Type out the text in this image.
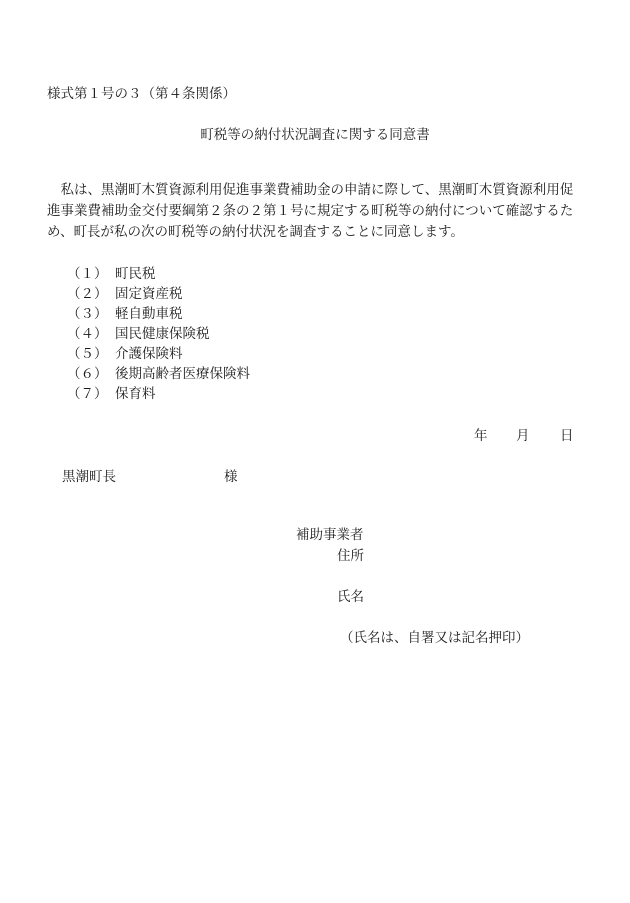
様式第１号の３（第４条関係）
町税等の納付状況調査に関する同意書
　私は、黒潮町木質資源利用促進事業費補助金の申請に際して、黒潮町木質資源利用促
進事業費補助金交付要綱第２条の２第１号に規定する町税等の納付について確認するた
め、町長が私の次の町税等の納付状況を調査することに同意します。
（１） 町民税
（２） 固定資産税
（３） 軽自動車税
（４） 国民健康保険税
（５） 介護保険料
（６） 後期高齢者医療保険料
（７） 保育料
年 月 日
黒潮町長	様
補助事業者
住所
氏名
（氏名は、自署又は記名押印）
